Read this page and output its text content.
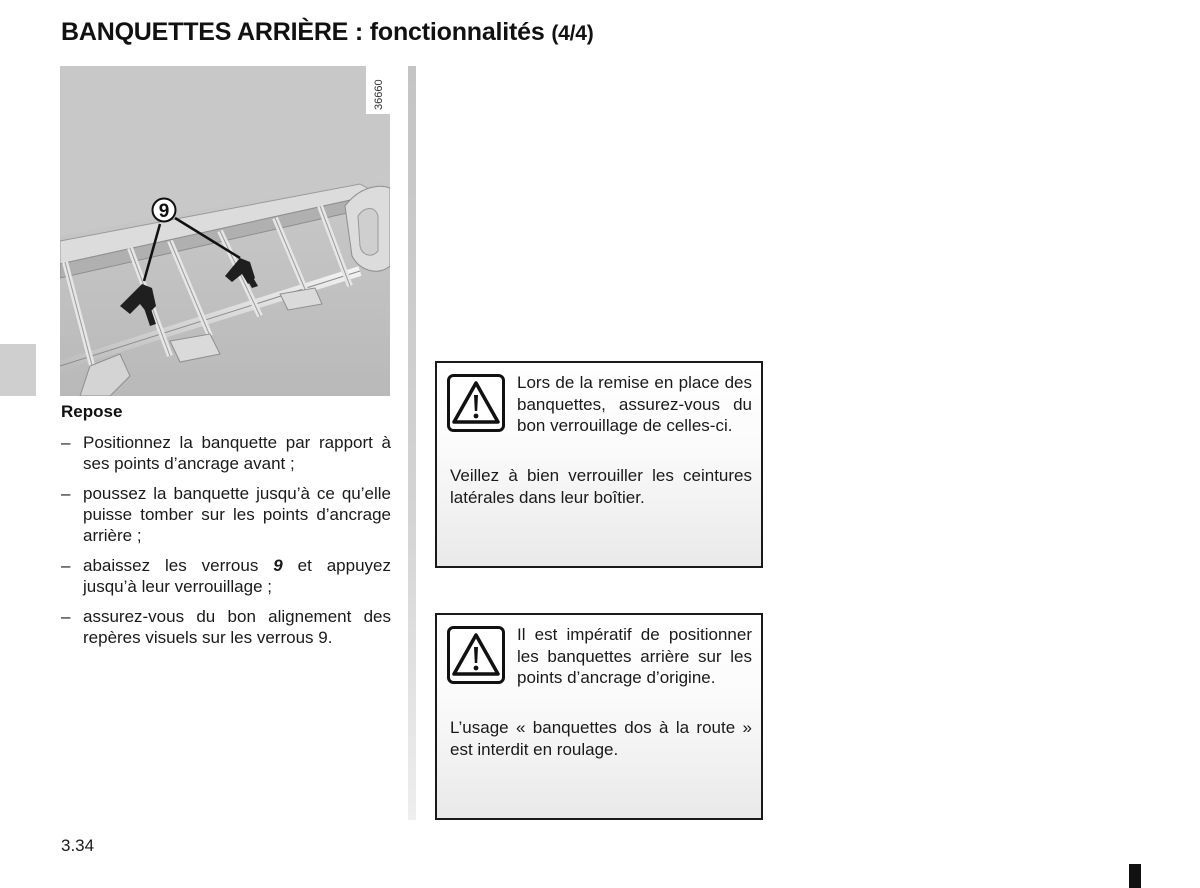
BANQUETTES ARRIÈRE : fonctionnalités (4/4)
9
36660
Repose
– Positionnez la banquette par rapport à ses points d’ancrage avant ;
– poussez la banquette jusqu’à ce qu’elle puisse tomber sur les points d’ancrage arrière ;
– abaissez les verrous 9 et appuyez jusqu’à leur verrouillage ;
– assurez-vous du bon alignement des repères visuels sur les verrous 9.
Lors de la remise en place des banquettes, assurez-vous du bon verrouillage de celles-ci.
Veillez à bien verrouiller les ceintures latérales dans leur boîtier.
Il est impératif de positionner les banquettes arrière sur les points d’ancrage d’origine.
L’usage « banquettes dos à la route » est interdit en roulage.
3.34
